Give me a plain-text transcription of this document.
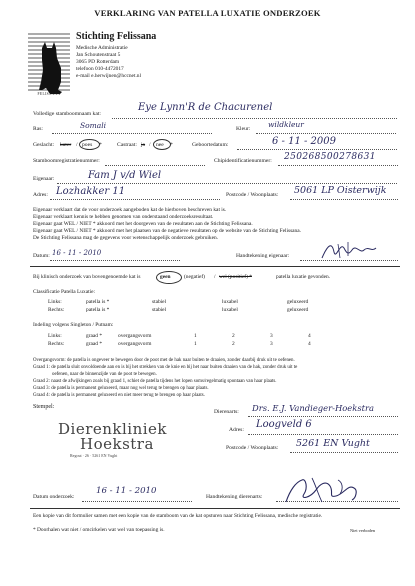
VERKLARING VAN PATELLA LUXATIE ONDERZOEK
FELISSANA
Stichting Felissana
Medische Administratie
Jan Schoutenstraat 5
3065 PD Rotterdam
telefoon 010-4472017
e-mail e.herwijnen@hccnet.nl
Volledige stamboomnaam kat:
Eye Lynn'R de Chacurenel
Ras:	Somali	Kleur: wildkleur
Geslacht: kater / poes *	Castraat: ja / nee *	Geboortedatum:	6 - 11 - 2009
Stamboomregistratienummer:	Chipidentificatienummer: 250268500278631
Eigenaar:	Fam J v/d Wiel
Adres: Lozhakker 11	Postcode / Woonplaats: 5061 LP Oisterwijk
Eigenaar verklaart dat de voor onderzoek aangeboden kat de hierboven beschreven kat is.
Eigenaar verklaart kennis te hebben genomen van onderstaand onderzoeksresultaat.
Eigenaar gaat WEL / NIET * akkoord met het doorgeven van de resultaten aan de Stichting Felissana.
Eigenaar gaat WEL / NIET * akkoord met het plaatsen van de negatieve resultaten op de website van de Stichting Felissana.
De Stichting Felissana mag de gegevens voor wetenschappelijk onderzoek gebruiken.
Datum: 16 - 11 - 2010	Handtekening eigenaar:
Bij klinisch onderzoek van bovengenoemde kat is	geen	(negatief) / wel (positief) *	patella luxatie gevonden.
Classificatie Patella Luxatie:
Links:	patella is *	stabiel	luxabel	geluxeerd
Rechts:	patella is *	stabiel	luxabel	geluxeerd
Indeling volgens Singleton / Putnam:
Links:	graad *	overgangsvorm	1	2	3	4
Rechts:	graad *	overgangsvorm	1	2	3	4
Overgangsvorm: de patella is ongeveer te bewegen door de poot met de hak naar buiten te draaien, zonder daarbij druk uit te oefenen.
Graad 1: de patella sluit onvoldoende aan en is bij het strekken van de knie en bij het naar buiten draaien van de hak, zonder druk uit te
oefenen, naar de binnenzijde van de poot te bewegen.
Graad 2: naast de afwijkingen zoals bij graad 1, schiet de patella tijdens het lopen soms/regelmatig spontaan van haar plaats.
Graad 3: de patella is permanent geluxeerd, maar nog wel terug te brengen op haar plaats.
Graad 4: de patella is permanent geluxeerd en niet meer terug te brengen op haar plaats.
Stempel:
Dierenkliniek
Hoekstra
Regout · 26 · 5261 EN Vught
Dierenarts: Drs. E.J. Vandieger-Hoekstra
Adres: Loogveld 6
Postcode / Woonplaats: 5261 EN Vught
Datum onderzoek:
16 - 11 - 2010
Handtekening dierenarts:
Een kopie van dit formulier samen met een kopie van de stamboom van de kat opsturen naar Stichting Felissana, medische registratie.
* Doorhalen wat niet / omcirkelen wat wel van toepassing is.	Niet verboden
